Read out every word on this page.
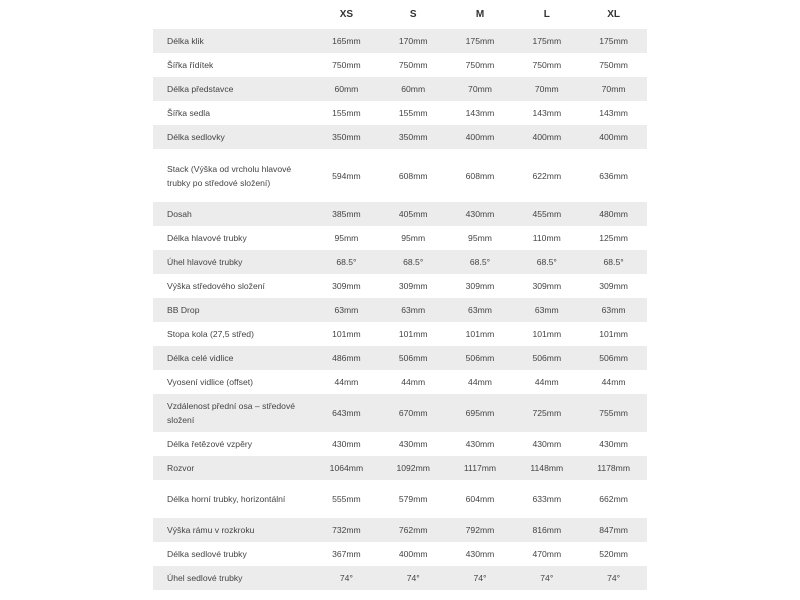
XS	S	M	L	XL
Délka klik	165mm	170mm	175mm	175mm	175mm
Šířka řídítek	750mm	750mm	750mm	750mm	750mm
Délka představce	60mm	60mm	70mm	70mm	70mm
Šířka sedla	155mm	155mm	143mm	143mm	143mm
Délka sedlovky	350mm	350mm	400mm	400mm	400mm
Stack (Výška od vrcholu hlavové trubky po středové složení)
594mm	608mm	608mm	622mm	636mm
Dosah	385mm	405mm	430mm	455mm	480mm
Délka hlavové trubky	95mm	95mm	95mm	110mm	125mm
Úhel hlavové trubky	68.5°	68.5°	68.5°	68.5°	68.5°
Výška středového složení	309mm	309mm	309mm	309mm	309mm
BB Drop	63mm	63mm	63mm	63mm	63mm
Stopa kola (27,5 střed)	101mm	101mm	101mm	101mm	101mm
Délka celé vidlice	486mm	506mm	506mm	506mm	506mm
Vyosení vidlice (offset)	44mm	44mm	44mm	44mm	44mm
Vzdálenost přední osa – středové složení
643mm	670mm	695mm	725mm	755mm
Délka řetězové vzpěry	430mm	430mm	430mm	430mm	430mm
Rozvor	1064mm	1092mm	1117mm	1148mm	1178mm
Délka horní trubky, horizontální	555mm	579mm	604mm	633mm	662mm
Výška rámu v rozkroku	732mm	762mm	792mm	816mm	847mm
Délka sedlové trubky	367mm	400mm	430mm	470mm	520mm
Úhel sedlové trubky	74°	74°	74°	74°	74°
